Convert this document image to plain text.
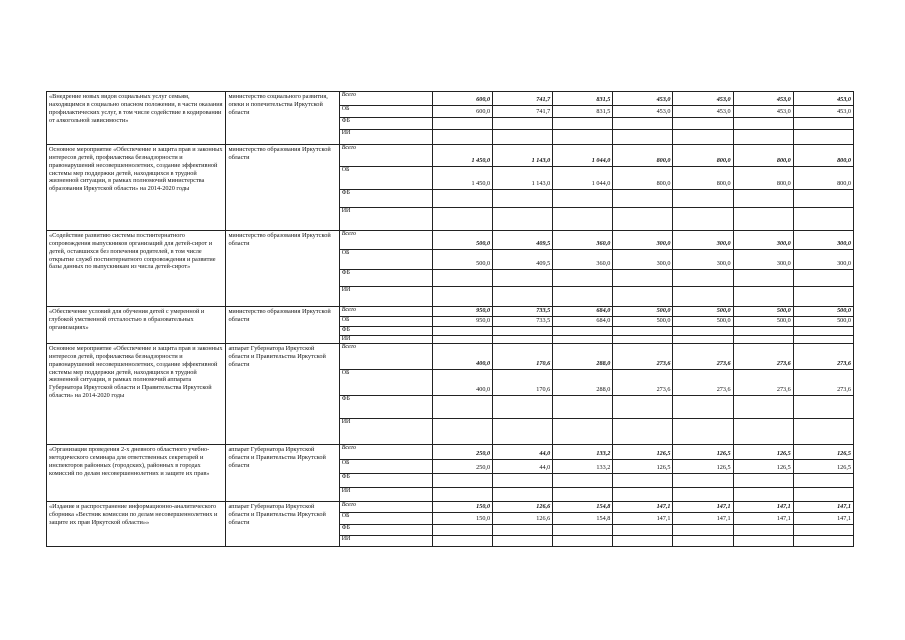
«Внедрение новых видов социальных услуг семьям, находящимся в социально опасном положении, в части оказания профилактических услуг, в том числе содействие в кодировании от алкогольной зависимости»	министерство социального развития, опеки и попечительства Иркутской области	Всего	600,0	741,7	831,5	453,0	453,0	453,0	453,0
		ОБ	600,0	741,7	831,5	453,0	453,0	453,0	453,0
		ФБ							
		ИИ							
Основное мероприятие «Обеспечение и защита прав и законных интересов детей, профилактика безнадзорности и правонарушений несовершеннолетних, создание эффективной системы мер поддержки детей, находящихся в трудной жизненной ситуации, в рамках полномочий министерства образования Иркутской области» на 2014-2020 годы	министерство образования Иркутской области	Всего	1 450,0	1 143,0	1 044,0	800,0	800,0	800,0	800,0
		ОБ	1 450,0	1 143,0	1 044,0	800,0	800,0	800,0	800,0
		ФБ							
		ИИ							
«Содействие развитию системы постинтернатного сопровождения выпускников организаций для детей-сирот и детей, оставшихся без попечения родителей, в том числе открытие служб постинтернатного сопровождения и развитие базы данных по выпускникам из числа детей-сирот»	министерство образования Иркутской области	Всего	500,0	409,5	360,0	300,0	300,0	300,0	300,0
		ОБ	500,0	409,5	360,0	300,0	300,0	300,0	300,0
		ФБ							
		ИИ							
«Обеспечение условий для обучения детей с умеренной и глубокой умственной отсталостью в образовательных организациях»	министерство образования Иркутской области	Всего	950,0	733,5	684,0	500,0	500,0	500,0	500,0
		ОБ	950,0	733,5	684,0	500,0	500,0	500,0	500,0
		ФБ							
		ИИ							
Основное мероприятие «Обеспечение и защита прав и законных интересов детей, профилактика безнадзорности и правонарушений несовершеннолетних, создание эффективной системы мер поддержки детей, находящихся в трудной жизненной ситуации, в рамках полномочий аппарата Губернатора Иркутской области и Правительства Иркутской области» на 2014-2020 годы	аппарат Губернатора Иркутской области и Правительства Иркутской области	Всего	400,0	170,6	288,0	273,6	273,6	273,6	273,6
		ОБ	400,0	170,6	288,0	273,6	273,6	273,6	273,6
		ФБ							
		ИИ							
«Организация проведения 2-х дневного областного учебно-методического семинара для ответственных секретарей и инспекторов районных (городских), районных в городах комиссий по делам несовершеннолетних и защите их прав»	аппарат Губернатора Иркутской области и Правительства Иркутской области	Всего	250,0	44,0	133,2	126,5	126,5	126,5	126,5
		ОБ	250,0	44,0	133,2	126,5	126,5	126,5	126,5
		ФБ							
		ИИ							
«Издание и распространение информационно-аналитического сборника «Вестник комиссии по делам несовершеннолетних и защите их прав Иркутской области»»	аппарат Губернатора Иркутской области и Правительства Иркутской области	Всего	150,0	126,6	154,8	147,1	147,1	147,1	147,1
		ОБ	150,0	126,6	154,8	147,1	147,1	147,1	147,1
		ФБ							
		ИИ							
